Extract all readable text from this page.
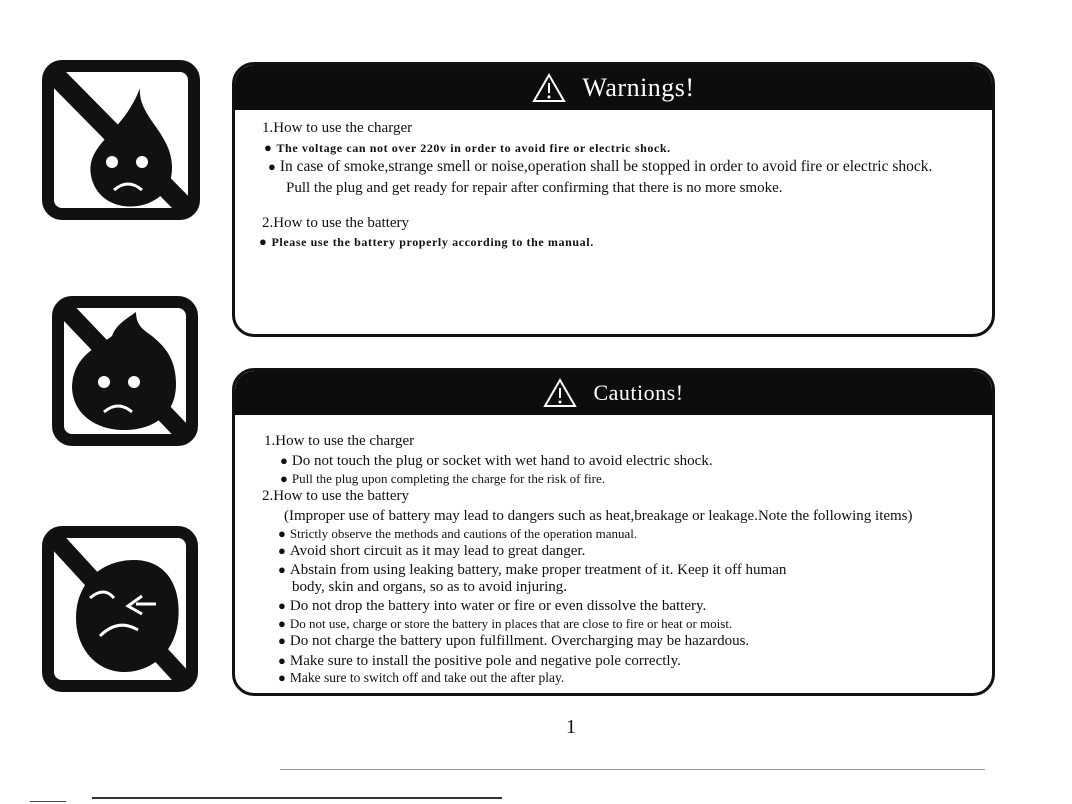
Warnings!
1.How to use the charger
● The voltage can not over 220v in order to avoid fire or electric shock.
● In case of smoke,strange smell or noise,operation shall be stopped in order to avoid fire or electric shock.
Pull the plug and get ready for repair after confirming that there is no more smoke.
2.How to use the battery
● Please use the battery properly according to the manual.
Cautions!
1.How to use the charger
● Do not touch the plug or socket with wet hand to avoid electric shock.
● Pull the plug upon completing the charge for the risk of fire.
2.How to use the battery
(Improper use of battery may lead to dangers such as heat,breakage or leakage.Note the following items)
● Strictly observe the methods and cautions of the operation manual.
● Avoid short circuit as it may lead to great danger.
● Abstain from using leaking battery, make proper treatment of it. Keep it off human
body, skin and organs, so as to avoid injuring.
● Do not drop the battery into water or fire or even dissolve the battery.
● Do not use, charge or store the battery in places that are close to fire or heat or moist.
● Do not charge the battery upon fulfillment. Overcharging may be hazardous.
● Make sure to install the positive pole and negative pole correctly.
● Make sure to switch off and take out the after play.
1
